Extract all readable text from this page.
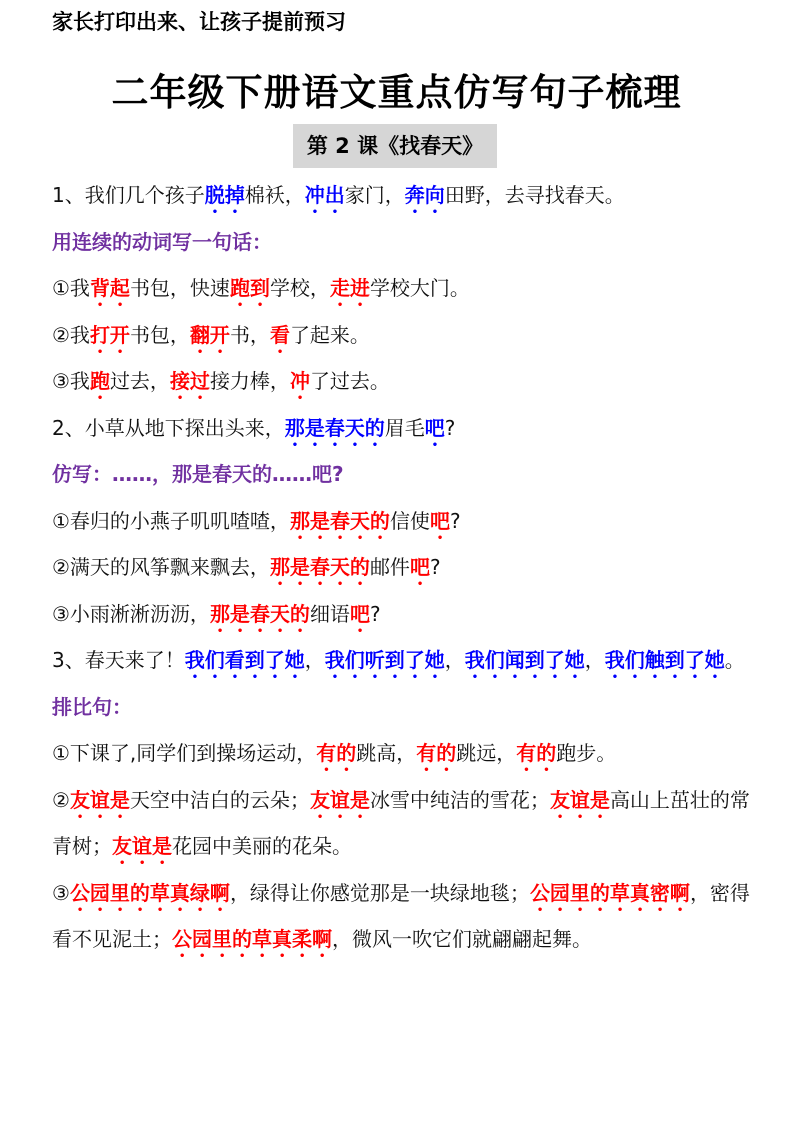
家长打印出来、让孩子提前预习
二年级下册语文重点仿写句子梳理
第 2 课《找春天》
1、我们几个孩子脱掉棉袄，冲出家门，奔向田野，去寻找春天。
用连续的动词写一句话：
①我背起书包，快速跑到学校，走进学校大门。
②我打开书包，翻开书，看了起来。
③我跑过去，接过接力棒，冲了过去。
2、小草从地下探出头来，那是春天的眉毛吧?
仿写：……，那是春天的……吧?
①春归的小燕子叽叽喳喳，那是春天的信使吧?
②满天的风筝飘来飘去，那是春天的邮件吧?
③小雨淅淅沥沥，那是春天的细语吧?
3、春天来了！我们看到了她，我们听到了她，我们闻到了她，我们触到了她。
排比句：
①下课了,同学们到操场运动，有的跳高，有的跳远，有的跑步。
②友谊是天空中洁白的云朵；友谊是冰雪中纯洁的雪花；友谊是高山上茁壮的常青树；友谊是花园中美丽的花朵。
③公园里的草真绿啊，绿得让你感觉那是一块绿地毯；公园里的草真密啊，密得看不见泥土；公园里的草真柔啊，微风一吹它们就翩翩起舞。
